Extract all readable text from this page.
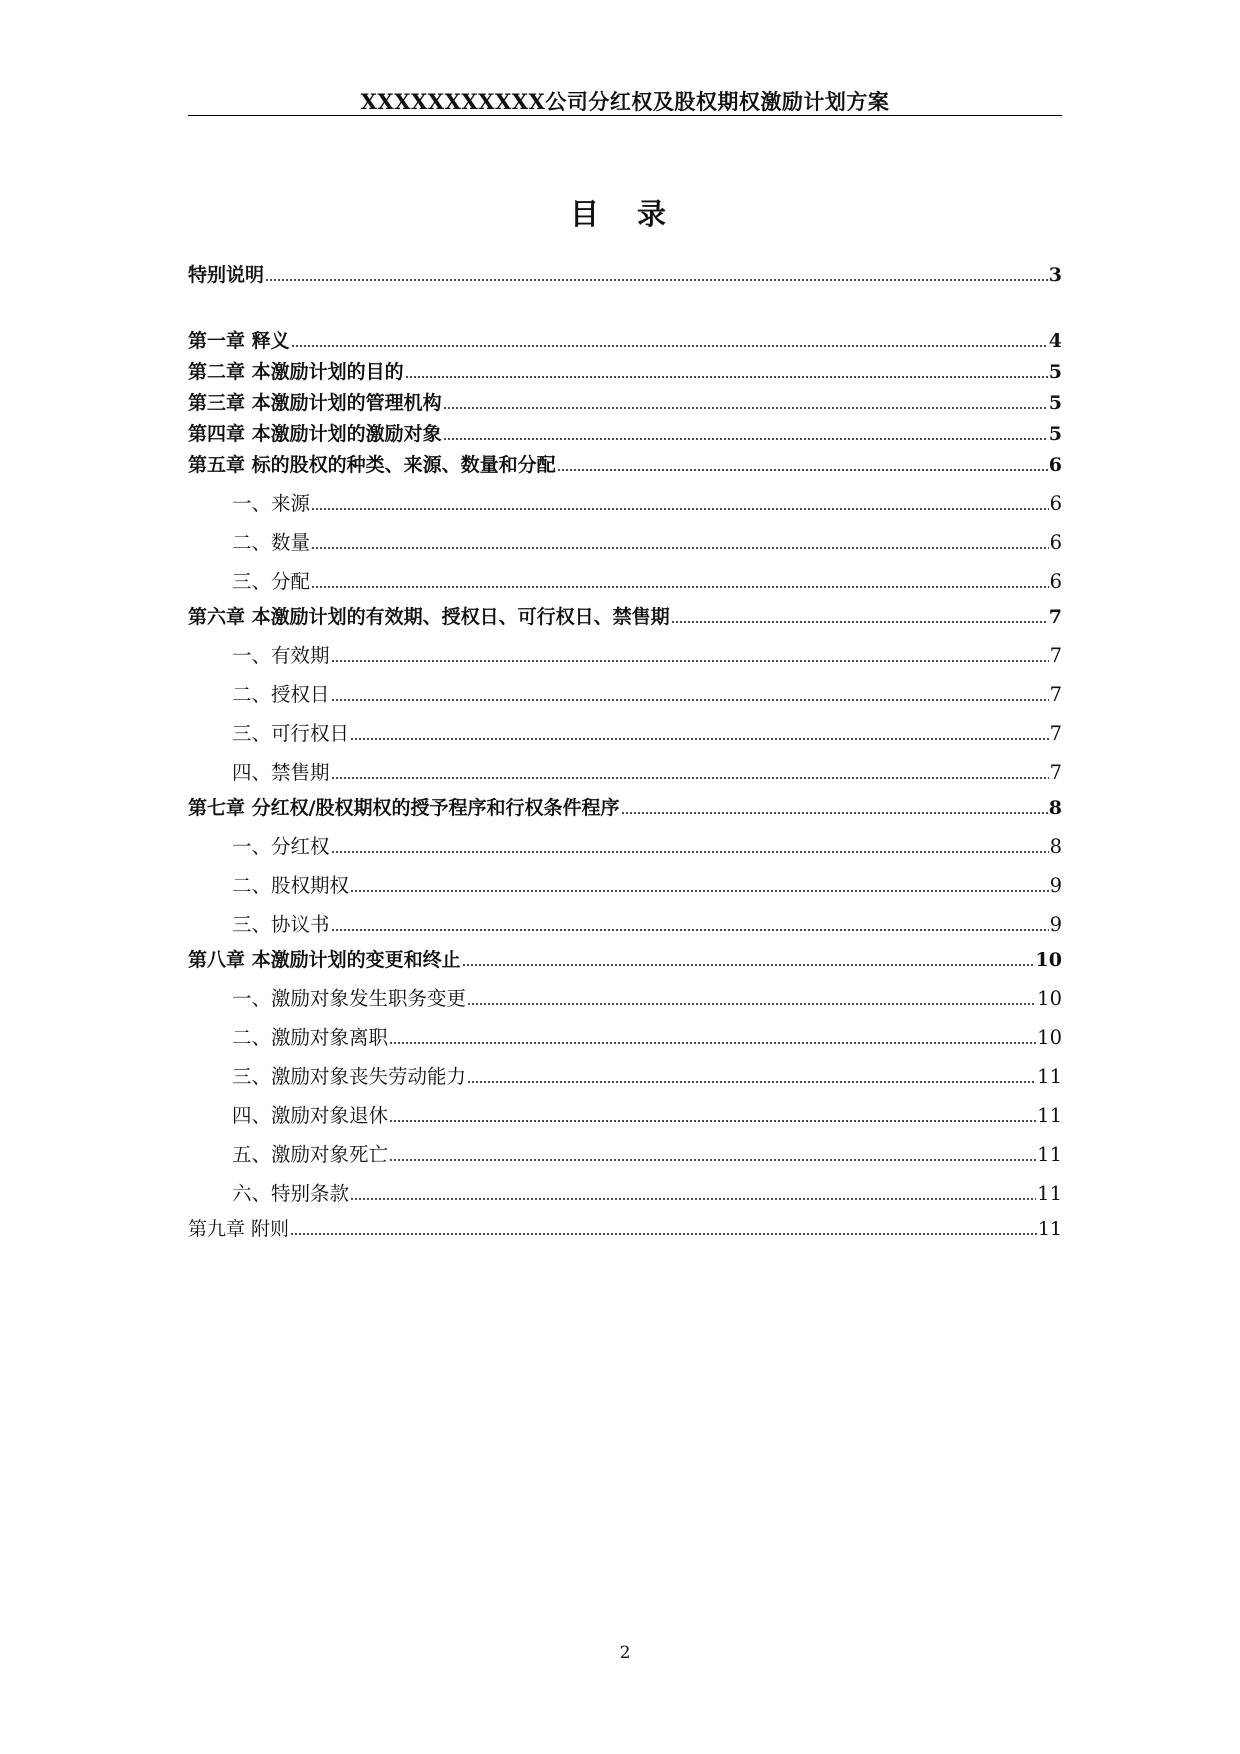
XXXXXXXXXXX公司分红权及股权期权激励计划方案
目 录
特别说明	3
第一章 释义	4
第二章 本激励计划的目的	5
第三章 本激励计划的管理机构	5
第四章 本激励计划的激励对象	5
第五章 标的股权的种类、来源、数量和分配	6
一、来源	6
二、数量	6
三、分配	6
第六章 本激励计划的有效期、授权日、可行权日、禁售期	7
一、有效期	7
二、授权日	7
三、可行权日	7
四、禁售期	7
第七章 分红权/股权期权的授予程序和行权条件程序	8
一、分红权	8
二、股权期权	9
三、协议书	9
第八章 本激励计划的变更和终止	10
一、激励对象发生职务变更	10
二、激励对象离职	10
三、激励对象丧失劳动能力	11
四、激励对象退休	11
五、激励对象死亡	11
六、特别条款	11
第九章 附则	11
2
